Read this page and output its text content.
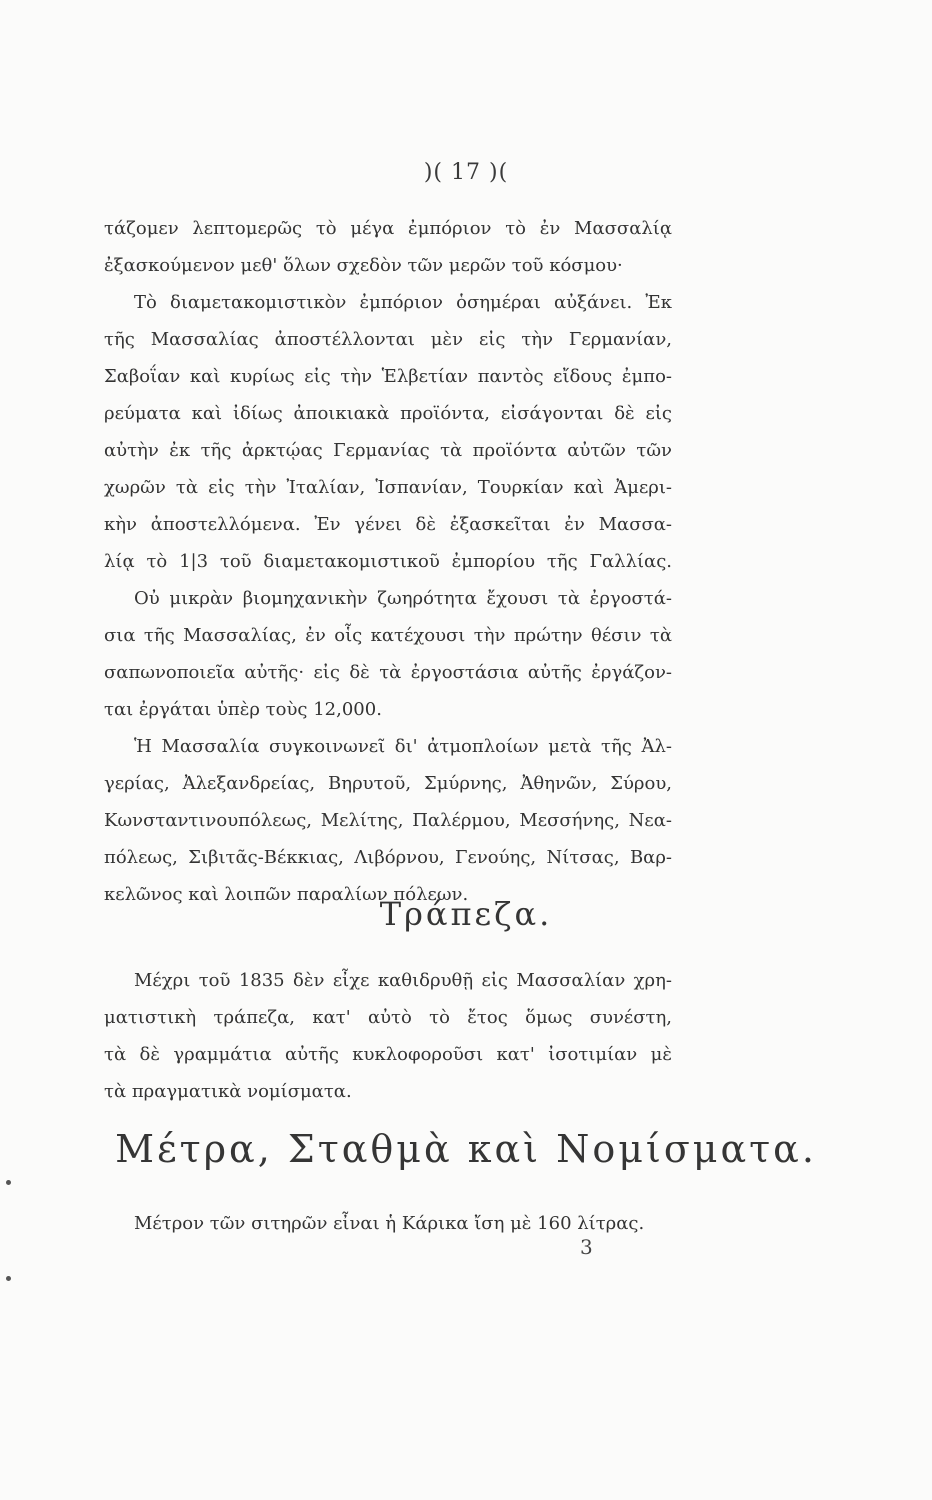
)( 17 )(
τάζομεν λεπτομερῶς τὸ μέγα ἐμπόριον τὸ ἐν Μασσαλίᾳ
ἐξασκούμενον μεθ' ὅλων σχεδὸν τῶν μερῶν τοῦ κόσμου·
Τὸ διαμετακομιστικὸν ἐμπόριον ὁσημέραι αὐξάνει. Ἐκ
τῆς Μασσαλίας ἀποστέλλονται μὲν εἰς τὴν Γερμανίαν,
Σαβοΐαν καὶ κυρίως εἰς τὴν Ἑλβετίαν παντὸς εἴδους ἐμπο-
ρεύματα καὶ ἰδίως ἀποικιακὰ προϊόντα, εἰσάγονται δὲ εἰς
αὐτὴν ἐκ τῆς ἀρκτῴας Γερμανίας τὰ προϊόντα αὐτῶν τῶν
χωρῶν τὰ εἰς τὴν Ἰταλίαν, Ἱσπανίαν, Τουρκίαν καὶ Ἀμερι-
κὴν ἀποστελλόμενα. Ἐν γένει δὲ ἐξασκεῖται ἐν Μασσα-
λίᾳ τὸ 1|3 τοῦ διαμετακομιστικοῦ ἐμπορίου τῆς Γαλλίας.
Οὐ μικρὰν βιομηχανικὴν ζωηρότητα ἔχουσι τὰ ἐργοστά-
σια τῆς Μασσαλίας, ἐν οἷς κατέχουσι τὴν πρώτην θέσιν τὰ
σαπωνοποιεῖα αὐτῆς· εἰς δὲ τὰ ἐργοστάσια αὐτῆς ἐργάζον-
ται ἐργάται ὑπὲρ τοὺς 12,000.
Ἡ Μασσαλία συγκοινωνεῖ δι' ἀτμοπλοίων μετὰ τῆς Ἀλ-
γερίας, Ἀλεξανδρείας, Βηρυτοῦ, Σμύρνης, Ἀθηνῶν, Σύρου,
Κωνσταντινουπόλεως, Μελίτης, Παλέρμου, Μεσσήνης, Νεα-
πόλεως, Σιβιτᾶς-Βέκκιας, Λιβόρνου, Γενούης, Νίτσας, Βαρ-
κελῶνος καὶ λοιπῶν παραλίων πόλεων.
Τράπεζα.
Μέχρι τοῦ 1835 δὲν εἶχε καθιδρυθῇ εἰς Μασσαλίαν χρη-
ματιστικὴ τράπεζα, κατ' αὐτὸ τὸ ἔτος ὅμως συνέστη,
τὰ δὲ γραμμάτια αὐτῆς κυκλοφοροῦσι κατ' ἰσοτιμίαν μὲ
τὰ πραγματικὰ νομίσματα.
Μέτρα, Σταθμὰ καὶ Νομίσματα.
Μέτρον τῶν σιτηρῶν εἶναι ἡ Κάρικα ἴση μὲ 160 λίτρας.
3
